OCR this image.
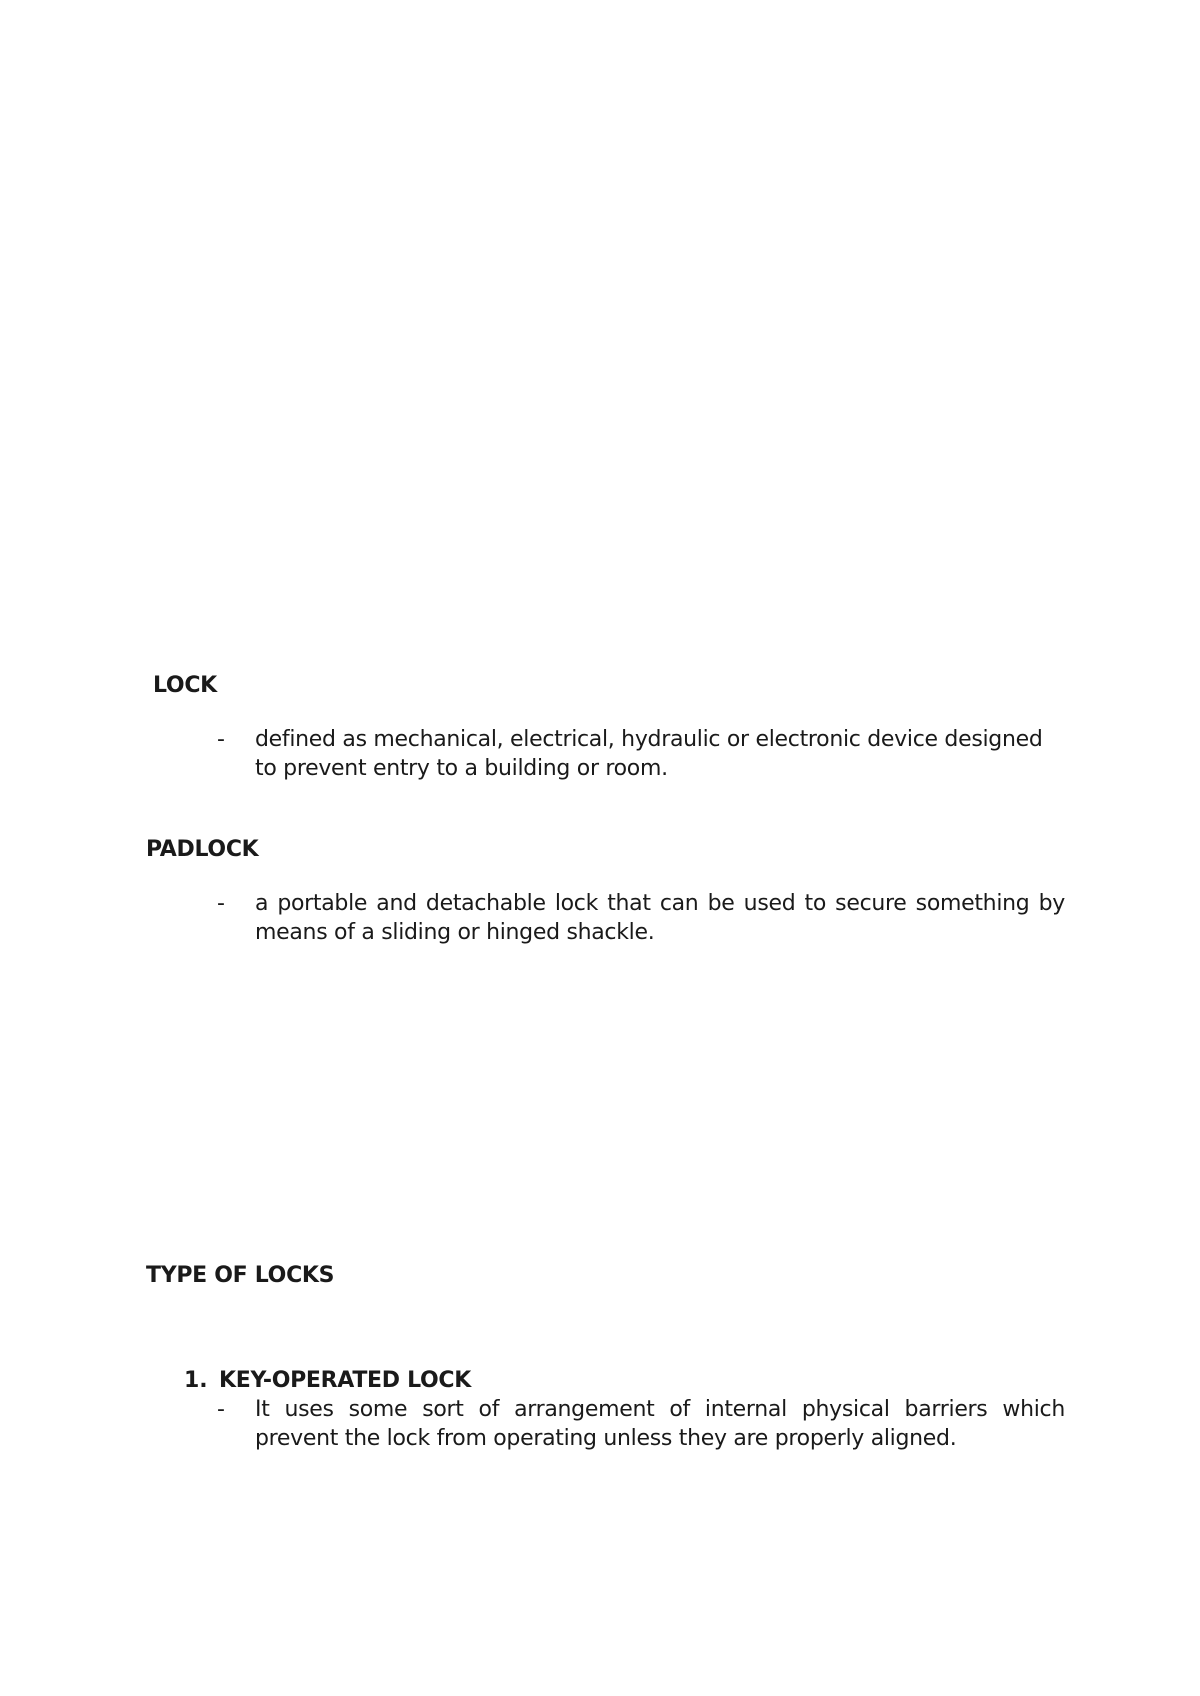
LOCK
- defined as mechanical, electrical, hydraulic or electronic device designed to prevent entry to a building or room.
PADLOCK
- a portable and detachable lock that can be used to secure something by means of a sliding or hinged shackle.
TYPE OF LOCKS
1. KEY-OPERATED LOCK
- It uses some sort of arrangement of internal physical barriers which prevent the lock from operating unless they are properly aligned.
